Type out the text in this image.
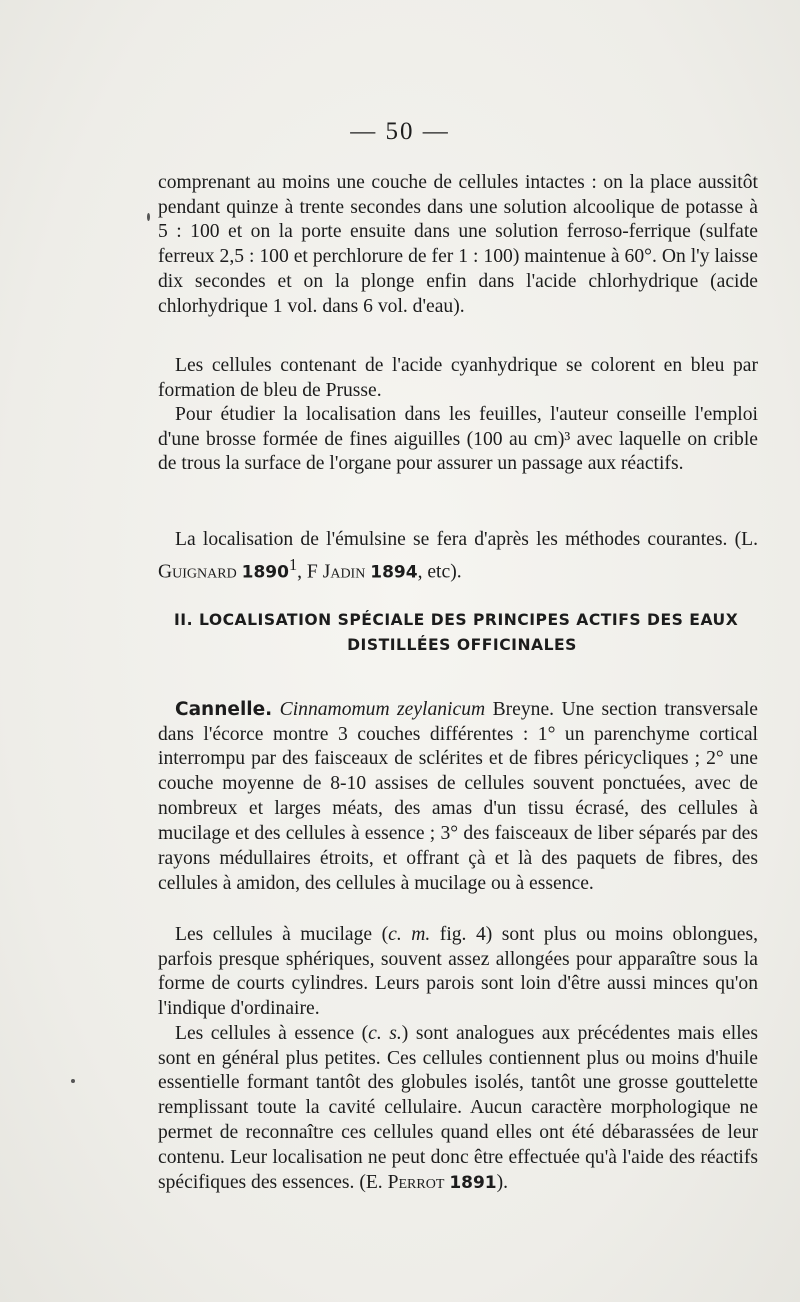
— 50 —

comprenant au moins une couche de cellules intactes : on la place aussitôt pendant quinze à trente secondes dans une solution alcoolique de potasse à 5 : 100 et on la porte ensuite dans une solution ferroso-ferrique (sulfate ferreux 2,5 : 100 et perchlorure de fer 1 : 100) maintenue à 60°. On l'y laisse dix secondes et on la plonge enfin dans l'acide chlorhydrique (acide chlorhydrique 1 vol. dans 6 vol. d'eau).

Les cellules contenant de l'acide cyanhydrique se colorent en bleu par formation de bleu de Prusse.

Pour étudier la localisation dans les feuilles, l'auteur conseille l'emploi d'une brosse formée de fines aiguilles (100 au cm)³ avec laquelle on crible de trous la surface de l'organe pour assurer un passage aux réactifs.

La localisation de l'émulsine se fera d'après les méthodes courantes. (L. Guignard 1890$^1$, F Jadin 1894, etc).

II. LOCALISATION SPÉCIALE DES PRINCIPES ACTIFS DES EAUX
DISTILLÉES OFFICINALES

Cannelle. Cinnamomum zeylanicum Breyne. Une section transversale dans l'écorce montre 3 couches différentes : 1° un parenchyme cortical interrompu par des faisceaux de sclérites et de fibres péricycliques ; 2° une couche moyenne de 8-10 assises de cellules souvent ponctuées, avec de nombreux et larges méats, des amas d'un tissu écrasé, des cellules à mucilage et des cellules à essence ; 3° des faisceaux de liber séparés par des rayons médullaires étroits, et offrant çà et là des paquets de fibres, des cellules à amidon, des cellules à mucilage ou à essence.

Les cellules à mucilage (c. m. fig. 4) sont plus ou moins oblongues, parfois presque sphériques, souvent assez allongées pour apparaître sous la forme de courts cylindres. Leurs parois sont loin d'être aussi minces qu'on l'indique d'ordinaire.

Les cellules à essence (c. s.) sont analogues aux précédentes mais elles sont en général plus petites. Ces cellules contiennent plus ou moins d'huile essentielle formant tantôt des globules isolés, tantôt une grosse gouttelette remplissant toute la cavité cellulaire. Aucun caractère morphologique ne permet de reconnaître ces cellules quand elles ont été débarassées de leur contenu. Leur localisation ne peut donc être effectuée qu'à l'aide des réactifs spécifiques des essences. (E. Perrot 1891).
